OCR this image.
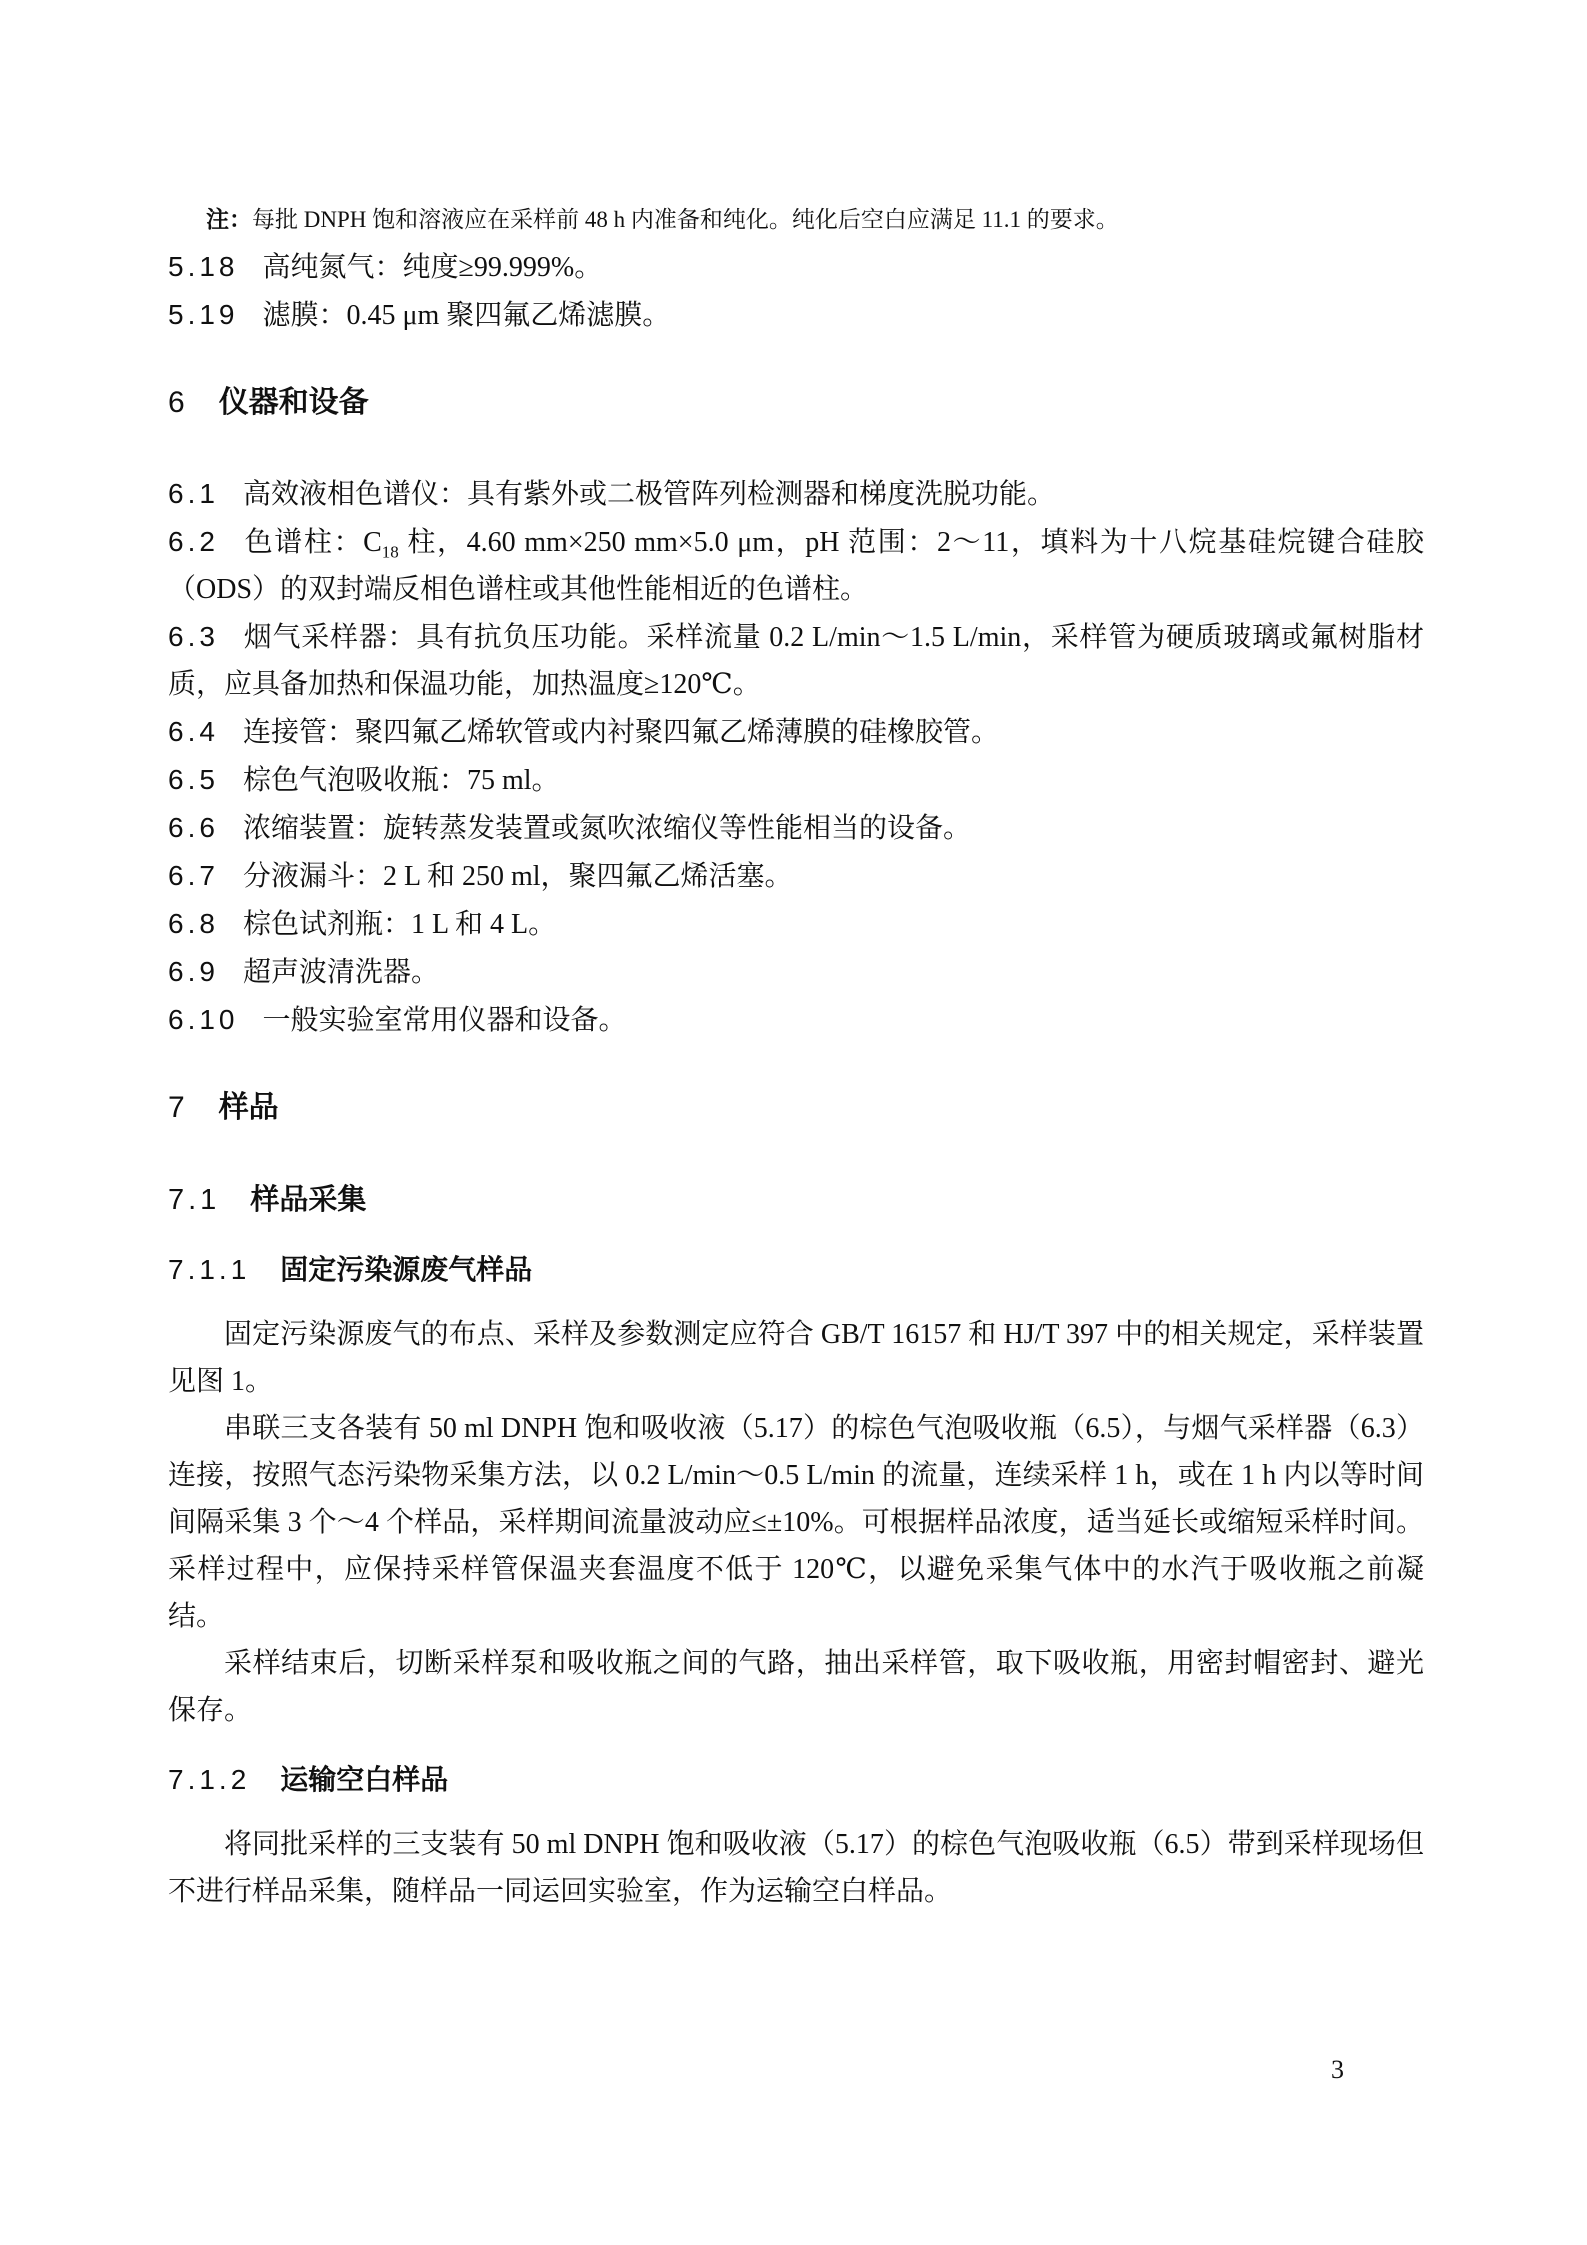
注：每批 DNPH 饱和溶液应在采样前 48 h 内准备和纯化。纯化后空白应满足 11.1 的要求。

5.18 高纯氮气：纯度≥99.999%。

5.19 滤膜：0.45 μm 聚四氟乙烯滤膜。

6 仪器和设备

6.1 高效液相色谱仪：具有紫外或二极管阵列检测器和梯度洗脱功能。

6.2 色谱柱：$C_{18}$ 柱，4.60 mm×250 mm×5.0 μm，pH 范围：2～11，填料为十八烷基硅烷键合硅胶（ODS）的双封端反相色谱柱或其他性能相近的色谱柱。

6.3 烟气采样器：具有抗负压功能。采样流量 0.2 L/min～1.5 L/min，采样管为硬质玻璃或氟树脂材质，应具备加热和保温功能，加热温度≥120℃。

6.4 连接管：聚四氟乙烯软管或内衬聚四氟乙烯薄膜的硅橡胶管。

6.5 棕色气泡吸收瓶：75 ml。

6.6 浓缩装置：旋转蒸发装置或氮吹浓缩仪等性能相当的设备。

6.7 分液漏斗：2 L 和 250 ml，聚四氟乙烯活塞。

6.8 棕色试剂瓶：1 L 和 4 L。

6.9 超声波清洗器。

6.10 一般实验室常用仪器和设备。

7 样品
7.1 样品采集
7.1.1 固定污染源废气样品

固定污染源废气的布点、采样及参数测定应符合 GB/T 16157 和 HJ/T 397 中的相关规定，采样装置见图 1。

串联三支各装有 50 ml DNPH 饱和吸收液（5.17）的棕色气泡吸收瓶（6.5），与烟气采样器（6.3）连接，按照气态污染物采集方法，以 0.2 L/min～0.5 L/min 的流量，连续采样 1 h，或在 1 h 内以等时间间隔采集 3 个～4 个样品，采样期间流量波动应≤±10%。可根据样品浓度，适当延长或缩短采样时间。采样过程中，应保持采样管保温夹套温度不低于 120℃，以避免采集气体中的水汽于吸收瓶之前凝结。

采样结束后，切断采样泵和吸收瓶之间的气路，抽出采样管，取下吸收瓶，用密封帽密封、避光保存。

7.1.2 运输空白样品

将同批采样的三支装有 50 ml DNPH 饱和吸收液（5.17）的棕色气泡吸收瓶（6.5）带到采样现场但不进行样品采集，随样品一同运回实验室，作为运输空白样品。

3
